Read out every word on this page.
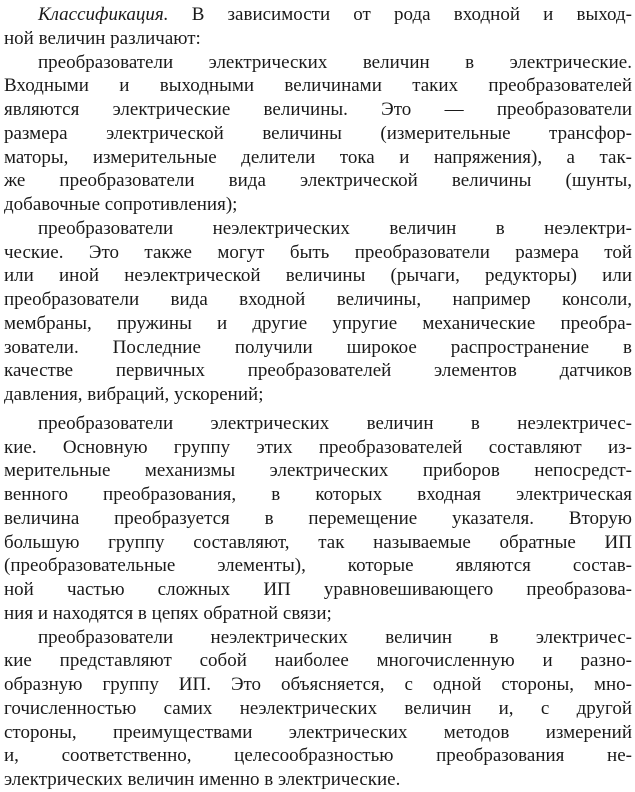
Классификация. В зависимости от рода входной и выход-
ной величин различают:
преобразователи электрических величин в электрические.
Входными и выходными величинами таких преобразователей
являются электрические величины. Это — преобразователи
размера электрической величины (измерительные трансфор-
маторы, измерительные делители тока и напряжения), а так-
же преобразователи вида электрической величины (шунты,
добавочные сопротивления);
преобразователи неэлектрических величин в неэлектри-
ческие. Это также могут быть преобразователи размера той
или иной неэлектрической величины (рычаги, редукторы) или
преобразователи вида входной величины, например консоли,
мембраны, пружины и другие упругие механические преобра-
зователи. Последние получили широкое распространение в
качестве первичных преобразователей элементов датчиков
давления, вибраций, ускорений;
преобразователи электрических величин в неэлектричес-
кие. Основную группу этих преобразователей составляют из-
мерительные механизмы электрических приборов непосредст-
венного преобразования, в которых входная электрическая
величина преобразуется в перемещение указателя. Вторую
большую группу составляют, так называемые обратные ИП
(преобразовательные элементы), которые являются состав-
ной частью сложных ИП уравновешивающего преобразова-
ния и находятся в цепях обратной связи;
преобразователи неэлектрических величин в электричес-
кие представляют собой наиболее многочисленную и разно-
образную группу ИП. Это объясняется, с одной стороны, мно-
гочисленностью самих неэлектрических величин и, с другой
стороны, преимуществами электрических методов измерений
и, соответственно, целесообразностью преобразования не-
электрических величин именно в электрические.
